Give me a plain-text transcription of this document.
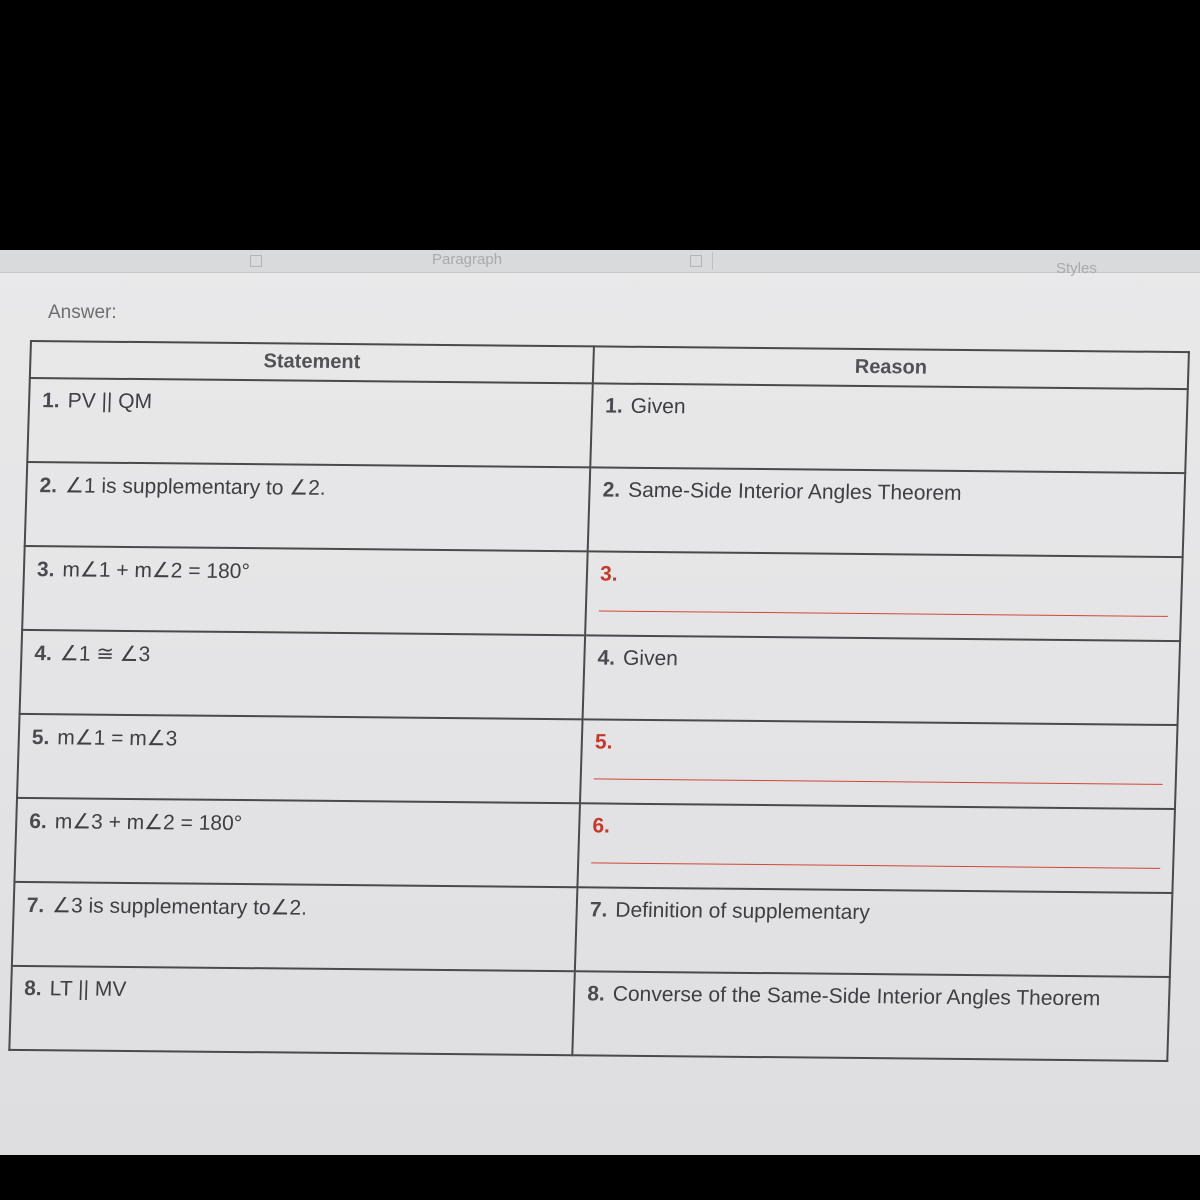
Paragraph
Styles
Answer:
Statement	Reason
1. PV || QM	1. Given
2. ∠1 is supplementary to ∠2.	2. Same-Side Interior Angles Theorem
3. m∠1 + m∠2 = 180°	3.

4. ∠1 ≅ ∠3	4. Given
5. m∠1 = m∠3	5.

6. m∠3 + m∠2 = 180°	6.

7. ∠3 is supplementary to∠2.	7. Definition of supplementary
8. LT || MV	8. Converse of the Same-Side Interior Angles Theorem
